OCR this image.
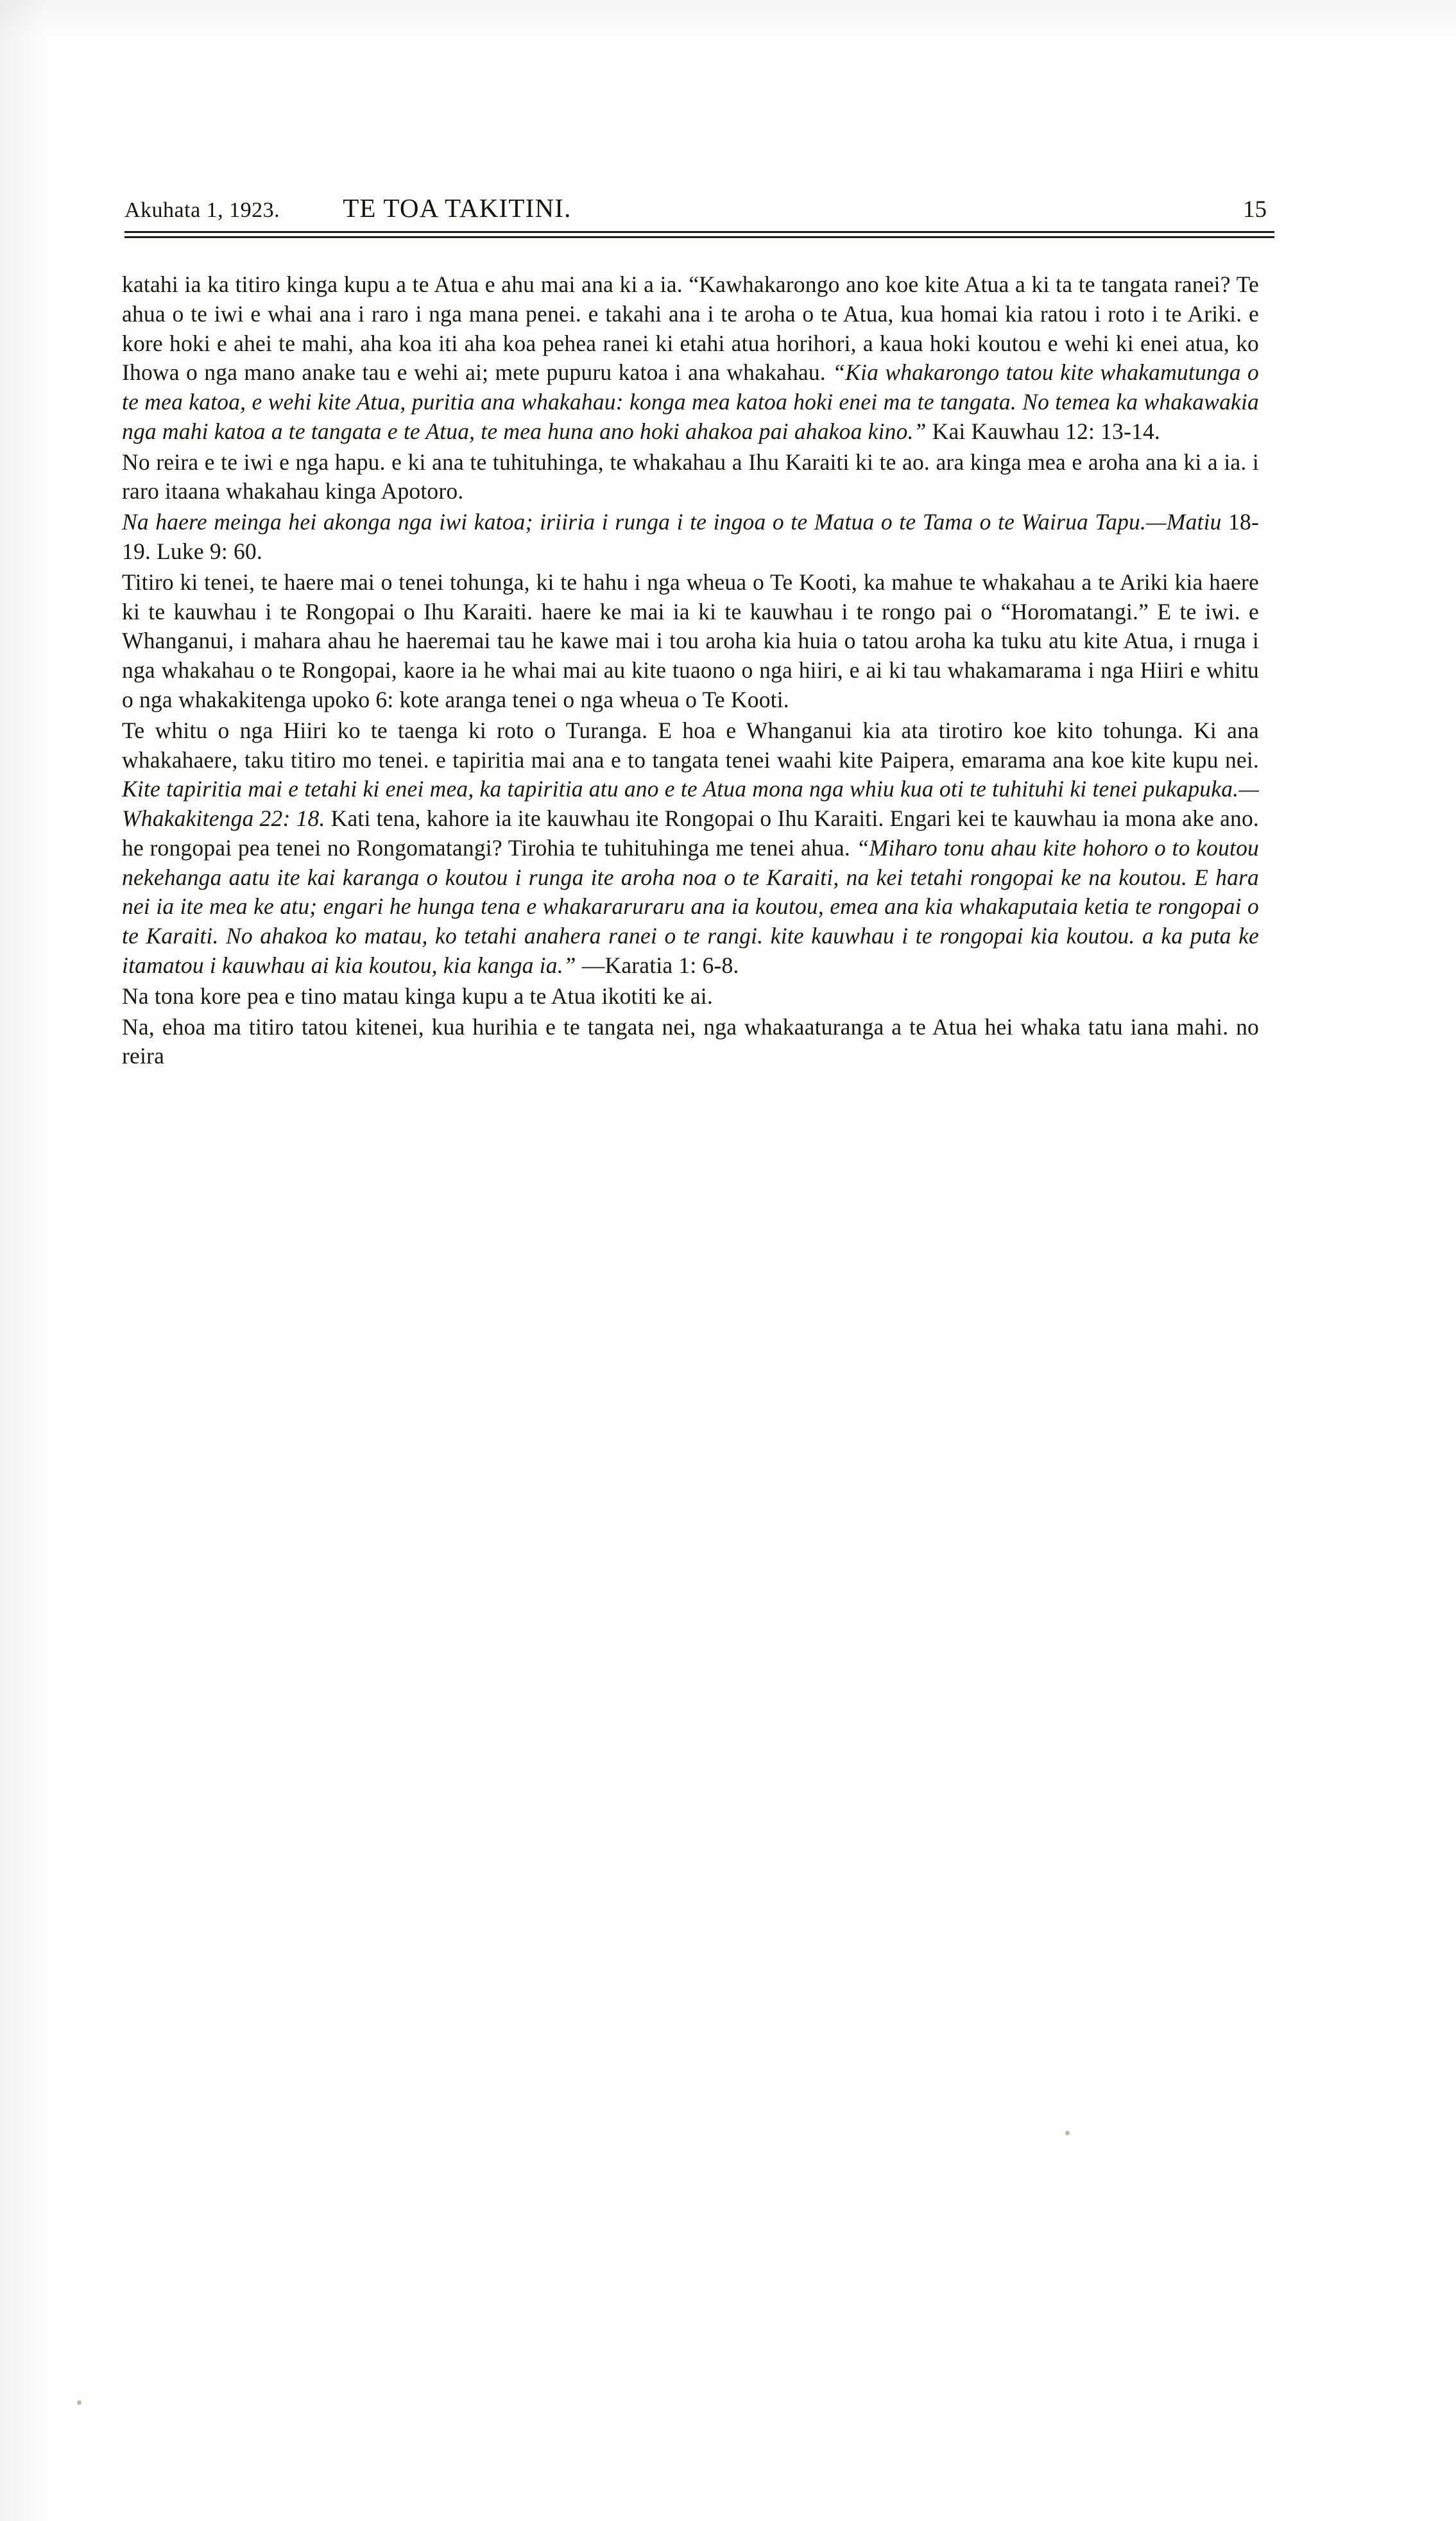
Akuhata 1, 1923. TE TOA TAKITINI.	15

katahi ia ka titiro kinga kupu a te Atua e ahu mai ana ki a ia. “Kawhakarongo ano koe kite Atua a ki ta te tangata ranei? Te ahua o te iwi e whai ana i raro i nga mana penei. e takahi ana i te aroha o te Atua, kua homai kia ratou i roto i te Ariki. e kore hoki e ahei te mahi, aha koa iti aha koa pehea ranei ki etahi atua horihori, a kaua hoki koutou e wehi ki enei atua, ko Ihowa o nga mano anake tau e wehi ai; mete pupuru katoa i ana whakahau. “Kia whakarongo tatou kite whakamutunga o te mea katoa, e wehi kite Atua, puritia ana whakahau: konga mea katoa hoki enei ma te tangata. No temea ka whakawakia nga mahi katoa a te tangata e te Atua, te mea huna ano hoki ahakoa pai ahakoa kino.” Kai Kauwhau 12: 13-14.

No reira e te iwi e nga hapu. e ki ana te tuhituhinga, te whakahau a Ihu Karaiti ki te ao. ara kinga mea e aroha ana ki a ia. i raro itaana whakahau kinga Apotoro.

Na haere meinga hei akonga nga iwi katoa; iriiria i runga i te ingoa o te Matua o te Tama o te Wairua Tapu.—Matiu 18-19. Luke 9: 60.

Titiro ki tenei, te haere mai o tenei tohunga, ki te hahu i nga wheua o Te Kooti, ka mahue te whakahau a te Ariki kia haere ki te kauwhau i te Rongopai o Ihu Karaiti. haere ke mai ia ki te kauwhau i te rongo pai o “Horomatangi.” E te iwi. e Whanganui, i mahara ahau he haeremai tau he kawe mai i tou aroha kia huia o tatou aroha ka tuku atu kite Atua, i rnuga i nga whakahau o te Rongopai, kaore ia he whai mai au kite tuaono o nga hiiri, e ai ki tau whakamarama i nga Hiiri e whitu o nga whakakitenga upoko 6: kote aranga tenei o nga wheua o Te Kooti.

Te whitu o nga Hiiri ko te taenga ki roto o Turanga. E hoa e Whanganui kia ata tirotiro koe kito tohunga. Ki ana whakahaere, taku titiro mo tenei. e tapiritia mai ana e to tangata tenei waahi kite Paipera, emarama ana koe kite kupu nei. Kite tapiritia mai e tetahi ki enei mea, ka tapiritia atu ano e te Atua mona nga whiu kua oti te tuhituhi ki tenei pukapuka.—Whakakitenga 22: 18. Kati tena, kahore ia ite kauwhau ite Rongopai o Ihu Karaiti. Engari kei te kauwhau ia mona ake ano. he rongopai pea tenei no Rongomatangi? Tirohia te tuhituhinga me tenei ahua. “Miharo tonu ahau kite hohoro o to koutou nekehanga aatu ite kai karanga o koutou i runga ite aroha noa o te Karaiti, na kei tetahi rongopai ke na koutou. E hara nei ia ite mea ke atu; engari he hunga tena e whakararuraru ana ia koutou, emea ana kia whakaputaia ketia te rongopai o te Karaiti. No ahakoa ko matau, ko tetahi anahera ranei o te rangi. kite kauwhau i te rongopai kia koutou. a ka puta ke itamatou i kauwhau ai kia koutou, kia kanga ia.” —Karatia 1: 6-8.

Na tona kore pea e tino matau kinga kupu a te Atua ikotiti ke ai.

Na, ehoa ma titiro tatou kitenei, kua hurihia e te tangata nei, nga whakaaturanga a te Atua hei whaka tatu iana mahi. no reira
